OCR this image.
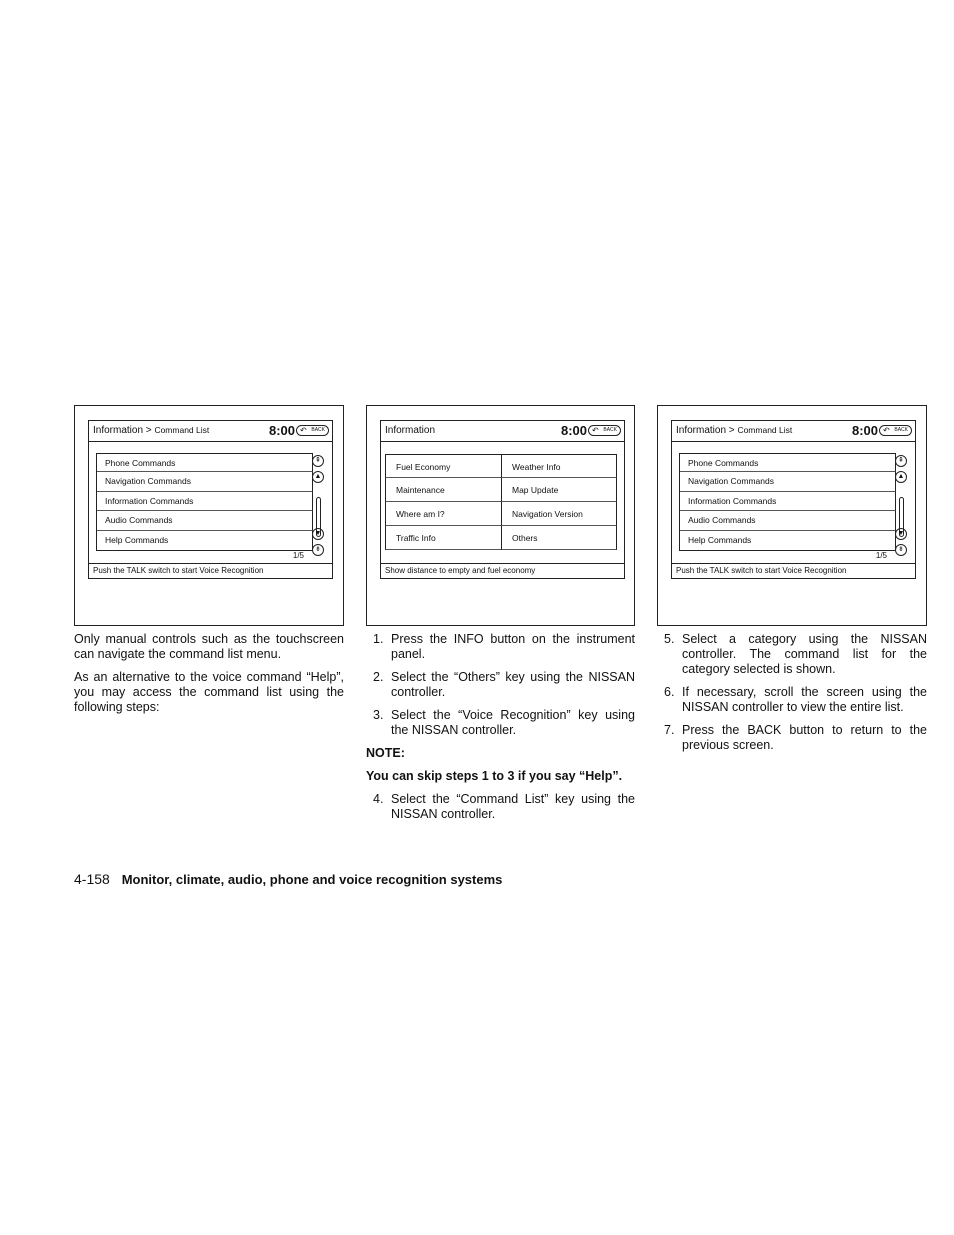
Information > Command List	8:00 ↶ BACK
Phone Commands
Navigation Commands
Information Commands
Audio Commands
Help Commands
⇞
▲
▼
⇟
1/5
Push the TALK switch to start Voice Recognition
Information	8:00 ↶ BACK
Fuel Economy	Weather Info
Maintenance	Map Update
Where am I?	Navigation Version
Traffic Info	Others
Show distance to empty and fuel economy
Information > Command List	8:00 ↶ BACK
Phone Commands
Navigation Commands
Information Commands
Audio Commands
Help Commands
⇞
▲
▼
⇟
1/5
Push the TALK switch to start Voice Recognition

Only manual controls such as the touchscreen can navigate the command list menu.

As an alternative to the voice command “Help”, you may access the command list using the following steps:

1. Press the INFO button on the instrument panel.
2. Select the “Others” key using the NISSAN controller.
3. Select the “Voice Recognition” key using the NISSAN controller.
NOTE:
You can skip steps 1 to 3 if you say “Help”.
4. Select the “Command List” key using the NISSAN controller.
5. Select a category using the NISSAN controller. The command list for the category selected is shown.
6. If necessary, scroll the screen using the NISSAN controller to view the entire list.
7. Press the BACK button to return to the previous screen.
4-158 Monitor, climate, audio, phone and voice recognition systems
